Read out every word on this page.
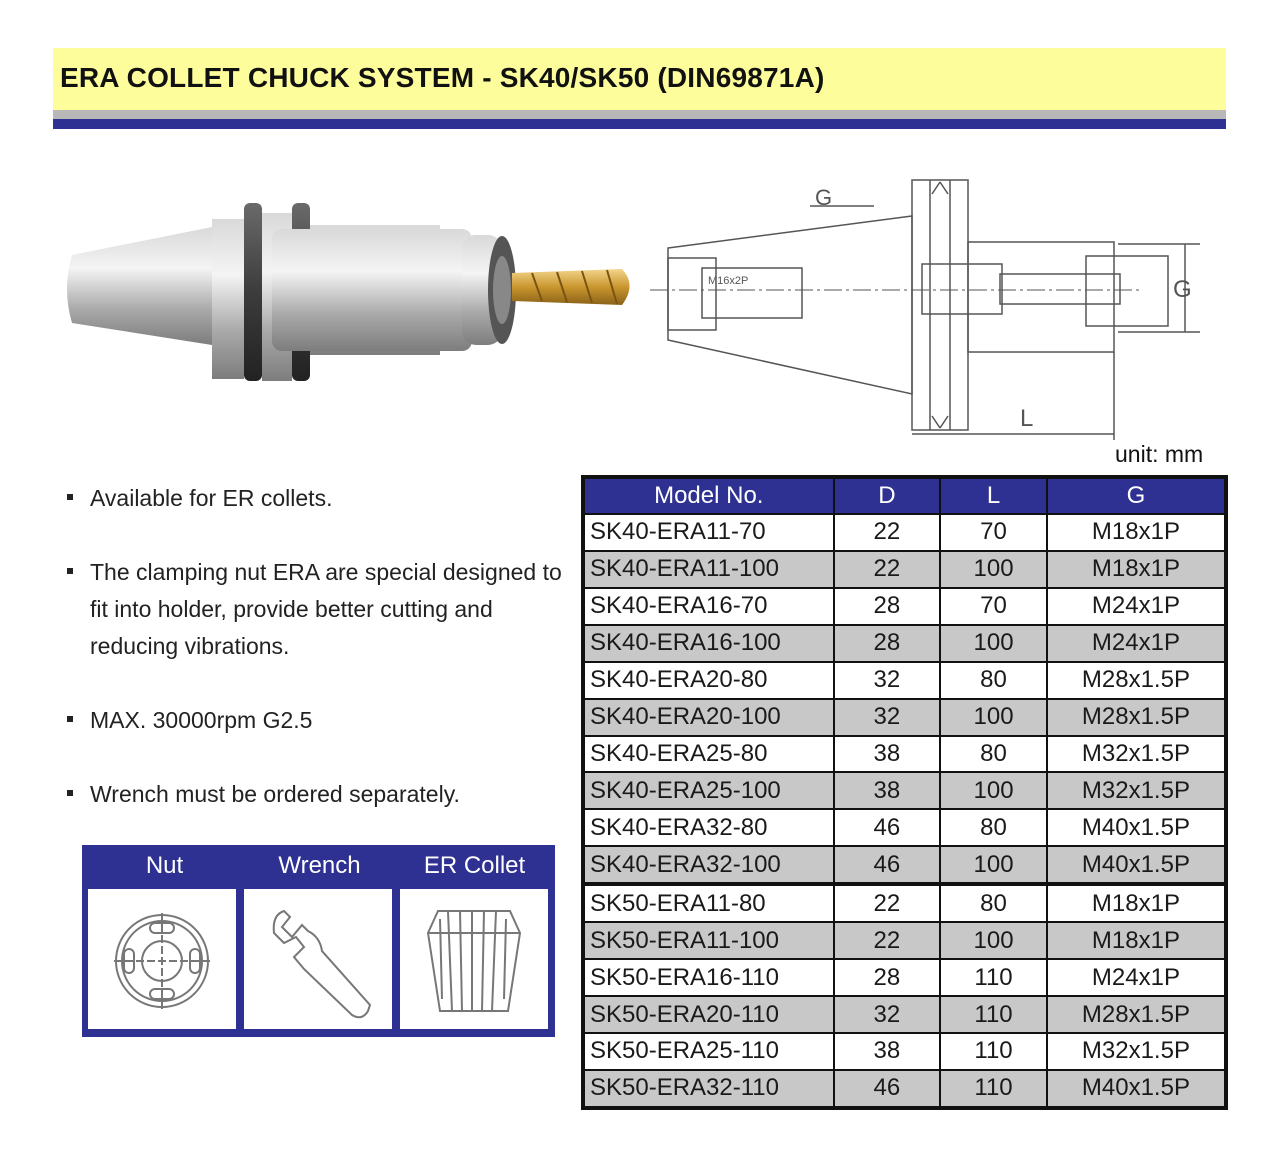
ERA COLLET CHUCK SYSTEM - SK40/SK50 (DIN69871A)
G
G
L
M16x2P
unit: mm
Available for ER collets.
The clamping nut ERA are special designed to fit into holder, provide better cutting and reducing vibrations.
MAX. 30000rpm G2.5
Wrench must be ordered separately.
Nut	Wrench	ER Collet
Model No.	D	L	G
SK40-ERA11-70	22	70	M18x1P
SK40-ERA11-100	22	100	M18x1P
SK40-ERA16-70	28	70	M24x1P
SK40-ERA16-100	28	100	M24x1P
SK40-ERA20-80	32	80	M28x1.5P
SK40-ERA20-100	32	100	M28x1.5P
SK40-ERA25-80	38	80	M32x1.5P
SK40-ERA25-100	38	100	M32x1.5P
SK40-ERA32-80	46	80	M40x1.5P
SK40-ERA32-100	46	100	M40x1.5P
SK50-ERA11-80	22	80	M18x1P
SK50-ERA11-100	22	100	M18x1P
SK50-ERA16-110	28	110	M24x1P
SK50-ERA20-110	32	110	M28x1.5P
SK50-ERA25-110	38	110	M32x1.5P
SK50-ERA32-110	46	110	M40x1.5P
